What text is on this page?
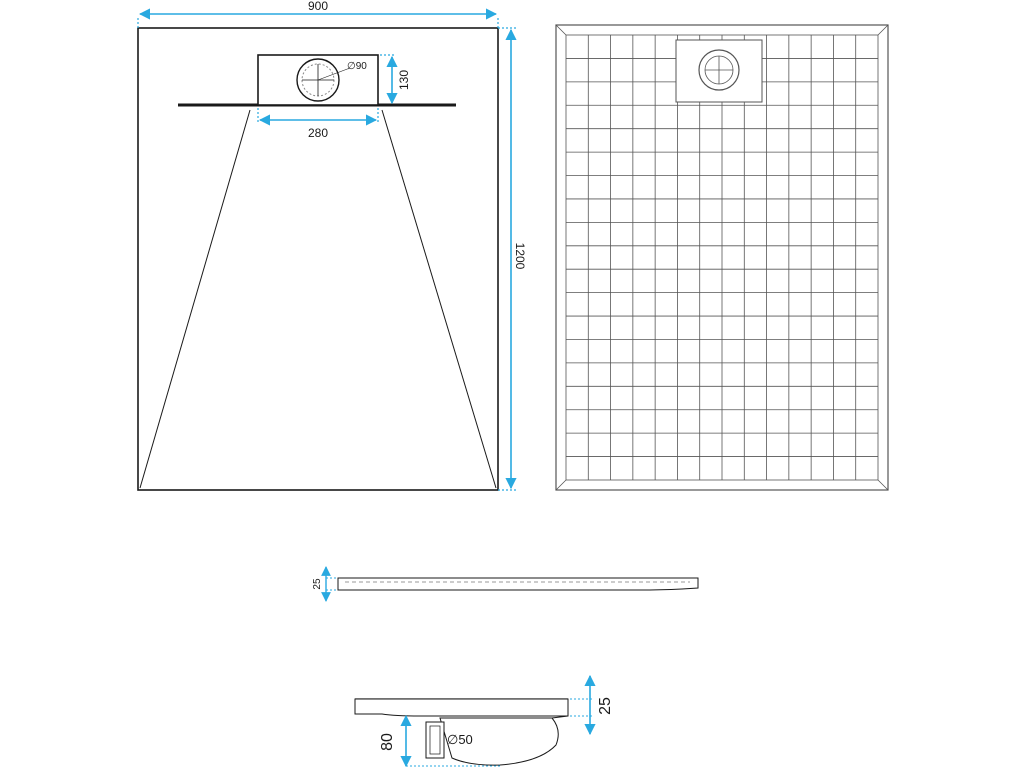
∅90
900
1200
130
280
25
∅50
25
80
